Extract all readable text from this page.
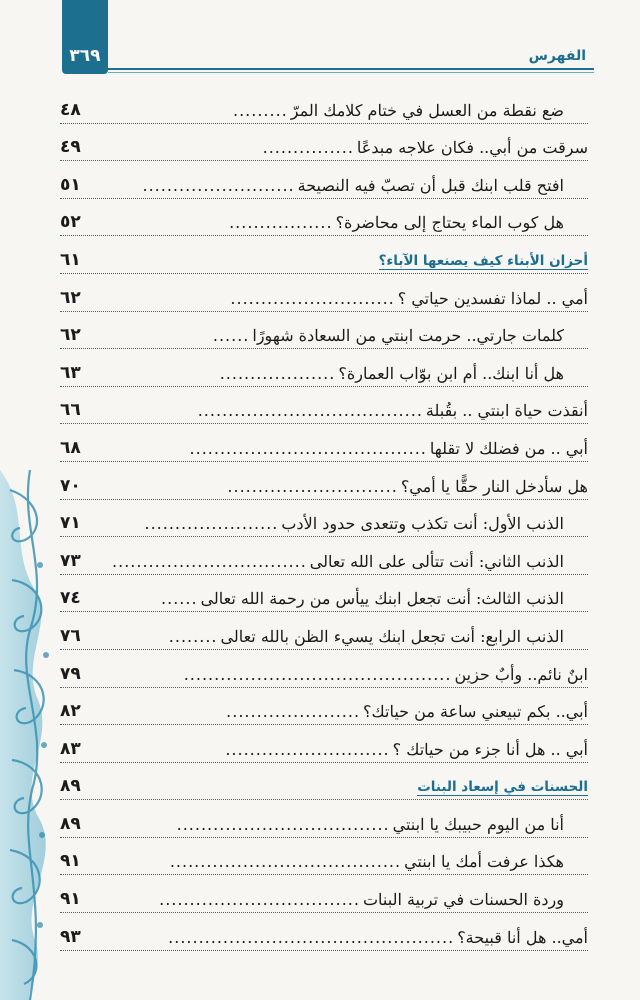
٣٦٩	الفهرس
ضع نقطة من العسل في ختام كلامك المرّ
.........
٤٨
سرقت من أبي.. فكان علاجه مبدعًا
...............
٤٩
افتح قلب ابنك قبل أن تصبّ فيه النصيحة
.........................
٥١
هل كوب الماء يحتاج إلى محاضرة؟
.................
٥٢
أحزان الأبناء كيف يصنعها الآباء؟
٦١
أمي .. لماذا تفسدين حياتي ؟
...........................
٦٢
كلمات جارتي.. حرمت ابنتي من السعادة شهورًا
......
٦٢
هل أنا ابنك.. أم ابن بوّاب العمارة؟
...................
٦٣
أنقذت حياة ابنتي .. بقُبلة
.....................................
٦٦
أبي .. من فضلك لا تقلها
.......................................
٦٨
هل سأدخل النار حقًّا يا أمي؟
............................
٧٠
الذنب الأول: أنت تكذب وتتعدى حدود الأدب
......................
٧١
الذنب الثاني: أنت تتألى على الله تعالى
................................
٧٣
الذنب الثالث: أنت تجعل ابنك ييأس من رحمة الله تعالى
......
٧٤
الذنب الرابع: أنت تجعل ابنك يسيء الظن بالله تعالى
........
٧٦
ابنٌ نائم.. وأبٌ حزين
............................................
٧٩
أبي.. بكم تبيعني ساعة من حياتك؟
......................
٨٢
أبي .. هل أنا جزء من حياتك ؟
...........................
٨٣
الحسنات في إسعاد البنات
٨٩
أنا من اليوم حبيبك يا ابنتي
...................................
٨٩
هكذا عرفت أمك يا ابنتي
......................................
٩١
وردة الحسنات في تربية البنات
.................................
٩١
أمي.. هل أنا قبيحة؟
...............................................
٩٣
